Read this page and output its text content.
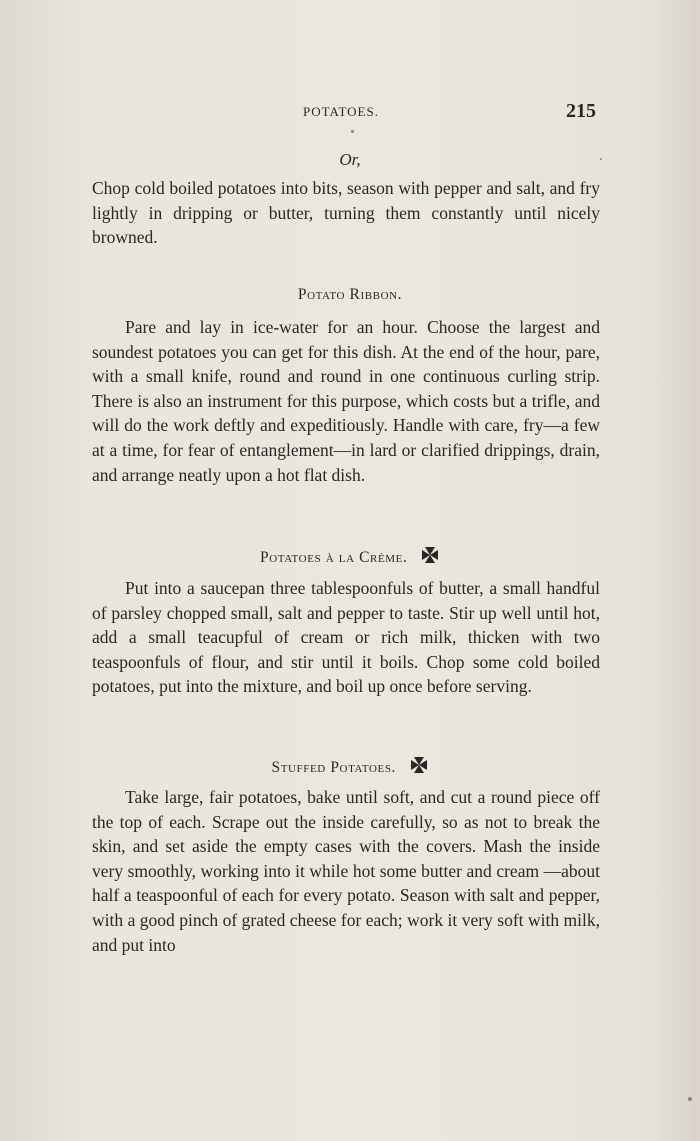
POTATOES.	215
Or,

Chop cold boiled potatoes into bits, season with pepper and salt, and fry lightly in dripping or butter, turning them constantly until nicely browned.

Potato Ribbon.

Pare and lay in ice-water for an hour. Choose the largest and soundest potatoes you can get for this dish. At the end of the hour, pare, with a small knife, round and round in one continuous curling strip. There is also an instrument for this purpose, which costs but a trifle, and will do the work deftly and expeditiously. Handle with care, fry—a few at a time, for fear of entanglement—in lard or clarified drippings, drain, and arrange neatly upon a hot flat dish.

Potatoes à la Crème.

Put into a saucepan three tablespoonfuls of butter, a small handful of parsley chopped small, salt and pepper to taste. Stir up well until hot, add a small teacupful of cream or rich milk, thicken with two teaspoonfuls of flour, and stir until it boils. Chop some cold boiled potatoes, put into the mixture, and boil up once before serving.

Stuffed Potatoes.

Take large, fair potatoes, bake until soft, and cut a round piece off the top of each. Scrape out the inside carefully, so as not to break the skin, and set aside the empty cases with the covers. Mash the inside very smoothly, working into it while hot some butter and cream —about half a teaspoonful of each for every potato. Season with salt and pepper, with a good pinch of grated cheese for each; work it very soft with milk, and put into
